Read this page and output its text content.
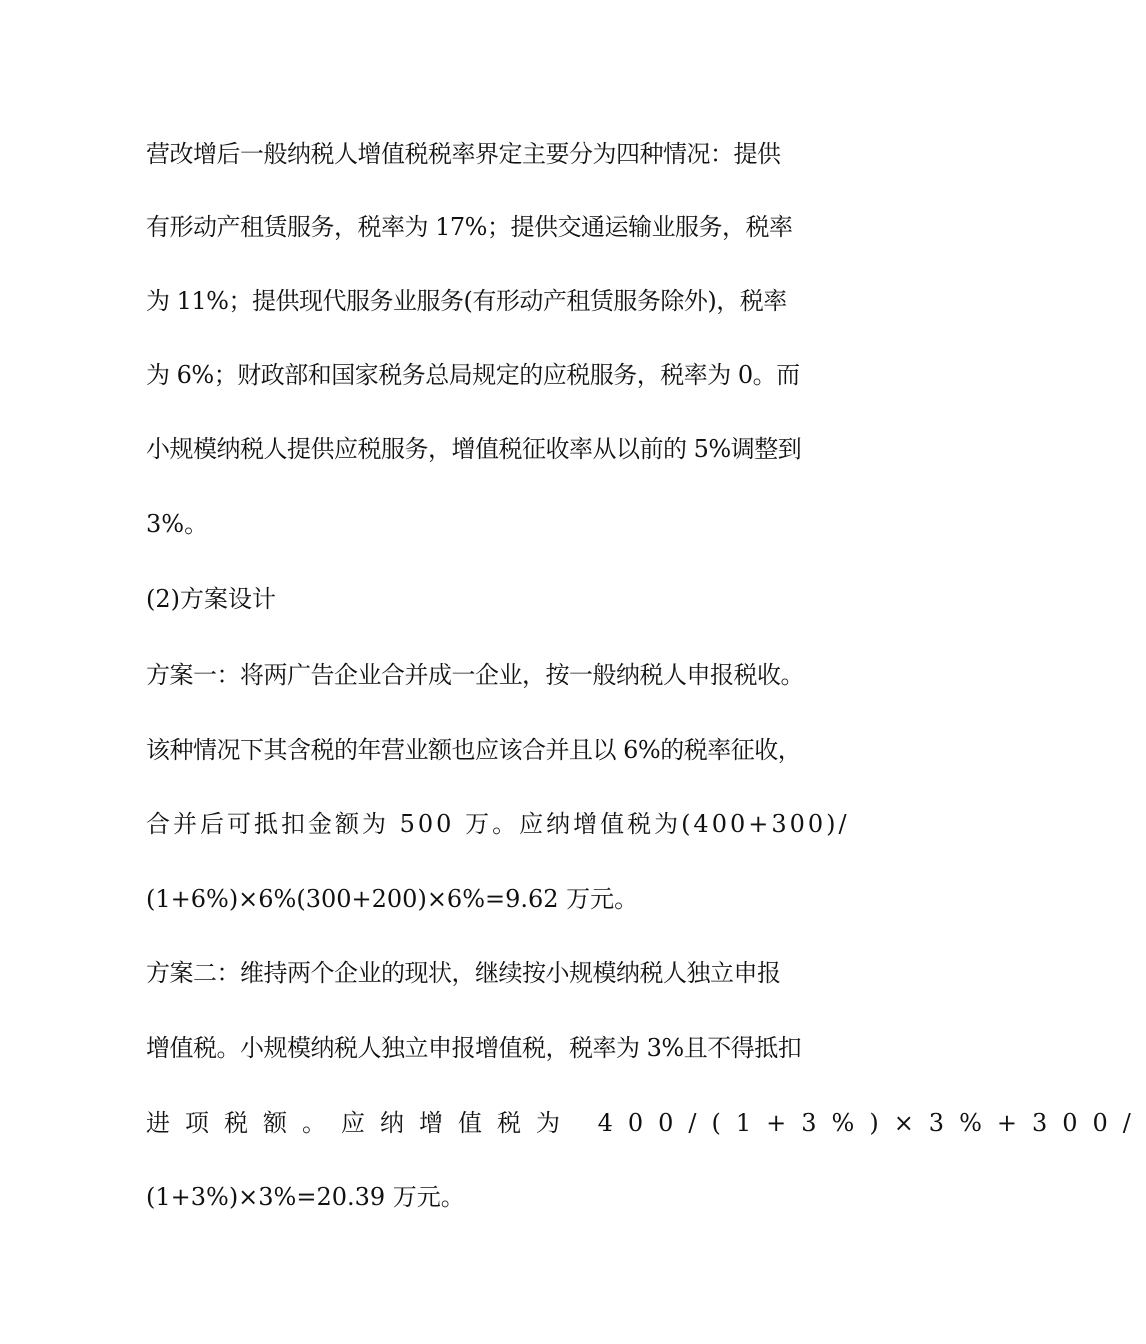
营改增后一般纳税人增值税税率界定主要分为四种情况：提供
有形动产租赁服务，税率为 17%；提供交通运输业服务，税率
为 11%；提供现代服务业服务(有形动产租赁服务除外)，税率
为 6%；财政部和国家税务总局规定的应税服务，税率为 0。而
小规模纳税人提供应税服务，增值税征收率从以前的 5%调整到
3%。
(2)方案设计
方案一：将两广告企业合并成一企业，按一般纳税人申报税收。
该种情况下其含税的年营业额也应该合并且以 6%的税率征收，
合并后可抵扣金额为 500 万。应纳增值税为(400+300)/
(1+6%)×6%(300+200)×6%=9.62 万元。
方案二：维持两个企业的现状，继续按小规模纳税人独立申报
增值税。小规模纳税人独立申报增值税，税率为 3%且不得抵扣
进项税额。应纳增值税为 400/(1+3%)×3%+300/
(1+3%)×3%=20.39 万元。
